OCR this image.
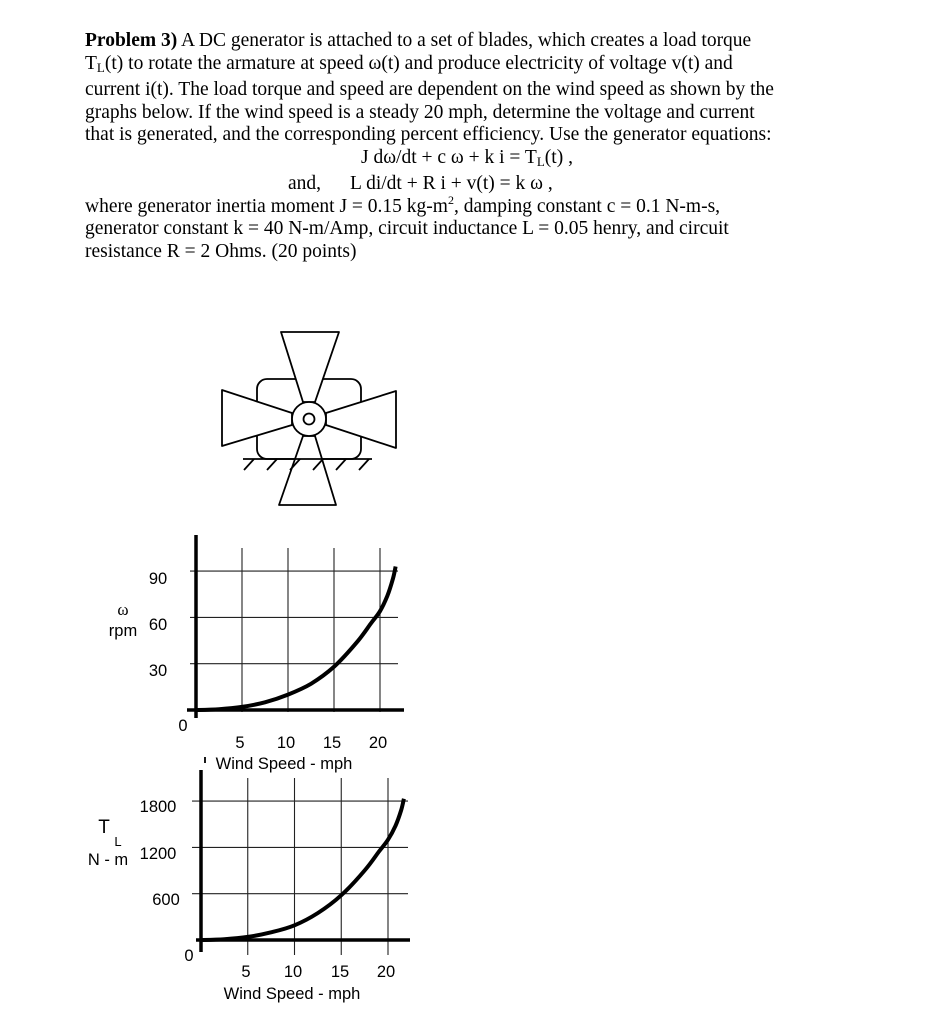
Problem 3) A DC generator is attached to a set of blades, which creates a load torque

$T_L(t)$ to rotate the armature at speed ω(t) and produce electricity of voltage v(t) and

current i(t). The load torque and speed are dependent on the wind speed as shown by the

graphs below. If the wind speed is a steady 20 mph, determine the voltage and current

that is generated, and the corresponding percent efficiency. Use the generator equations:

J dω/dt + c ω + k $i = T_L(t)$ ,

and, L di/dt + R i + v(t) = k ω ,

where generator inertia moment J = 0.15 $kg-m^2$, damping constant c = 0.1 N-m-s,

generator constant k = 40 N-m/Amp, circuit inductance L = 0.05 henry, and circuit

resistance R = 2 Ohms. (20 points)

90
60
30
0
5 10 15 20
Wind Speed - mph
ω
rpm
1800
1200
600
0
5 10 15 20
Wind Speed - mph
T
L
N - m
